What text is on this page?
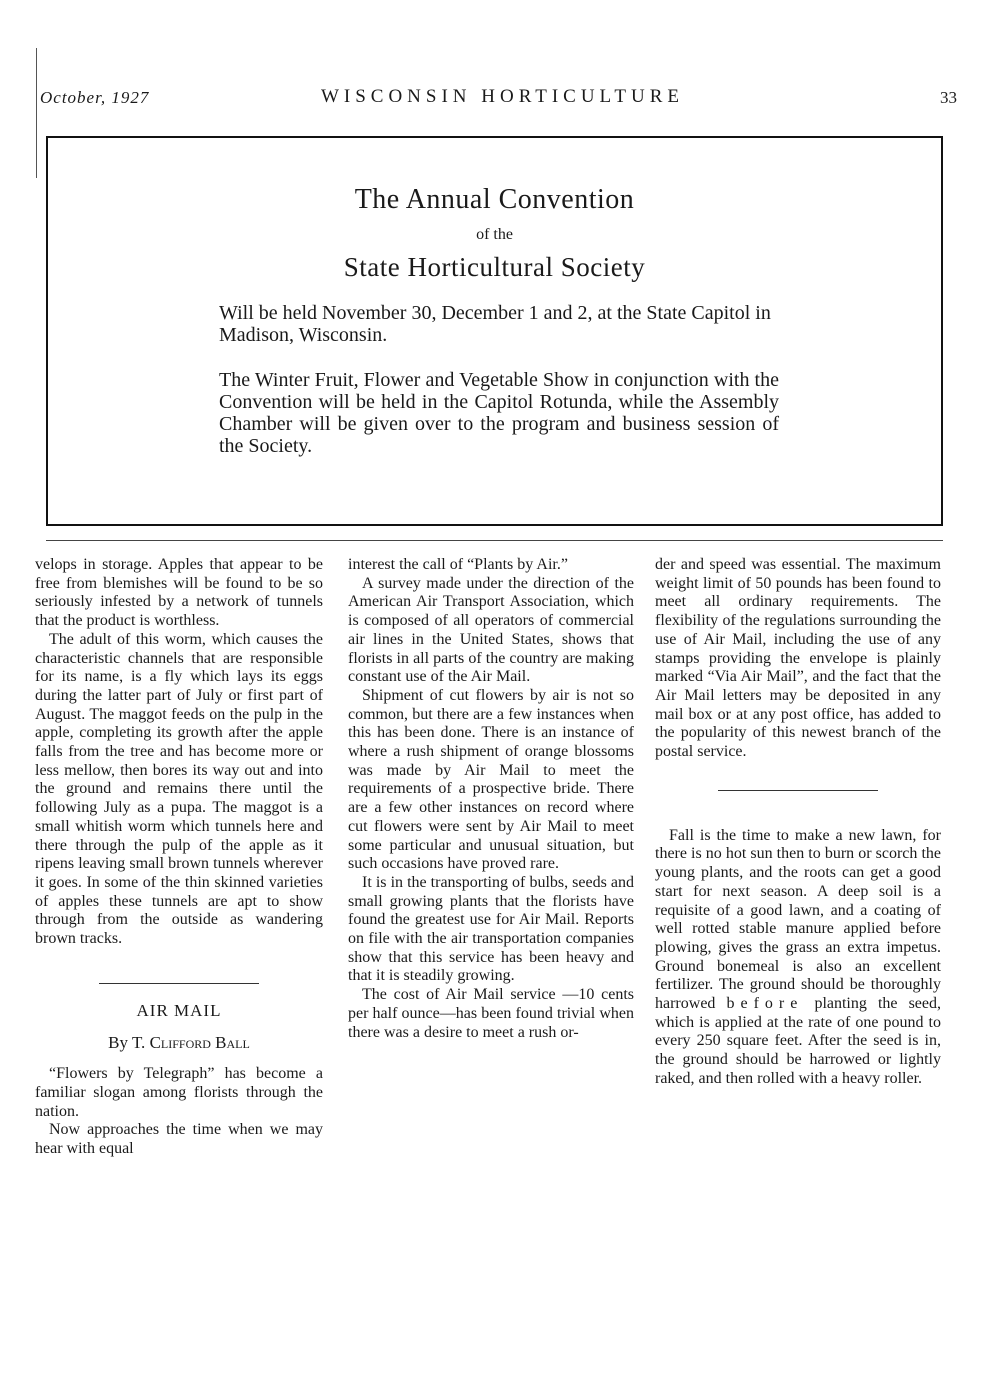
October, 1927	WISCONSIN HORTICULTURE	33
The Annual Convention
of the
State Horticultural Society
Will be held November 30, December 1 and 2, at the State Capitol in Madison, Wisconsin.
The Winter Fruit, Flower and Vegetable Show in conjunction with the Convention will be held in the Capitol Rotunda, while the Assembly Chamber will be given over to the program and business session of the Society.

velops in storage. Apples that appear to be free from blemishes will be found to be so seriously infested by a network of tunnels that the product is worthless.

The adult of this worm, which causes the characteristic channels that are responsible for its name, is a fly which lays its eggs during the latter part of July or first part of August. The maggot feeds on the pulp in the apple, completing its growth after the apple falls from the tree and has become more or less mellow, then bores its way out and into the ground and remains there until the following July as a pupa. The maggot is a small whitish worm which tunnels here and there through the pulp of the apple as it ripens leaving small brown tunnels wherever it goes. In some of the thin skinned varieties of apples these tunnels are apt to show through from the outside as wandering brown tracks.

AIR MAIL
By T. Clifford Ball

“Flowers by Telegraph” has become a familiar slogan among florists through the nation.

Now approaches the time when we may hear with equal

interest the call of “Plants by Air.”

A survey made under the direction of the American Air Transport Association, which is composed of all operators of commercial air lines in the United States, shows that florists in all parts of the country are making constant use of the Air Mail.

Shipment of cut flowers by air is not so common, but there are a few instances when this has been done. There is an instance of where a rush shipment of orange blossoms was made by Air Mail to meet the requirements of a prospective bride. There are a few other instances on record where cut flowers were sent by Air Mail to meet some particular and unusual situation, but such occasions have proved rare.

It is in the transporting of bulbs, seeds and small growing plants that the florists have found the greatest use for Air Mail. Reports on file with the air transportation companies show that this service has been heavy and that it is steadily growing.

The cost of Air Mail service —10 cents per half ounce—has been found trivial when there was a desire to meet a rush or-

der and speed was essential. The maximum weight limit of 50 pounds has been found to meet all ordinary requirements. The flexibility of the regulations surrounding the use of Air Mail, including the use of any stamps providing the envelope is plainly marked “Via Air Mail”, and the fact that the Air Mail letters may be deposited in any mail box or at any post office, has added to the popularity of this newest branch of the postal service.

Fall is the time to make a new lawn, for there is no hot sun then to burn or scorch the young plants, and the roots can get a good start for next season. A deep soil is a requisite of a good lawn, and a coating of well rotted stable manure applied before plowing, gives the grass an extra impetus. Ground bonemeal is also an excellent fertilizer. The ground should be thoroughly harrowed before planting the seed, which is applied at the rate of one pound to every 250 square feet. After the seed is in, the ground should be harrowed or lightly raked, and then rolled with a heavy roller.
